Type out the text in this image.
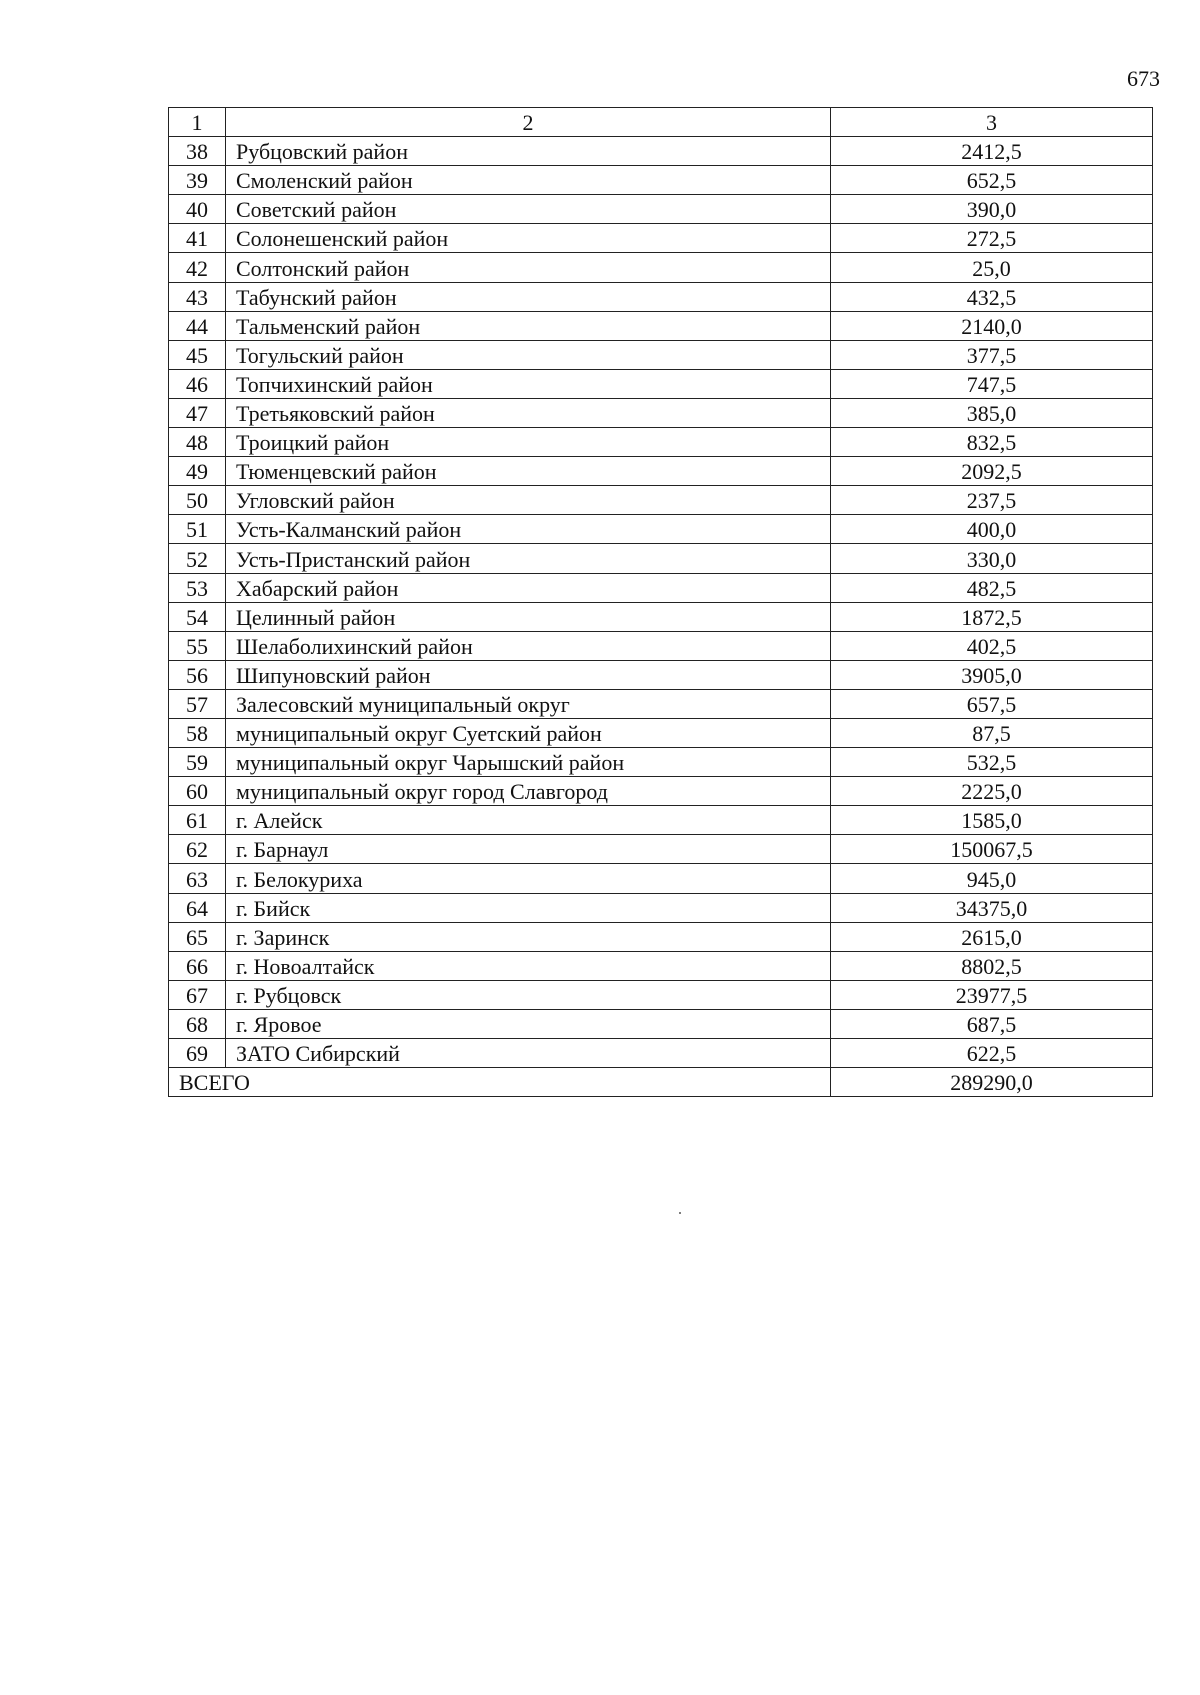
673
1	2	3
38	Рубцовский район	2412,5
39	Смоленский район	652,5
40	Советский район	390,0
41	Солонешенский район	272,5
42	Солтонский район	25,0
43	Табунский район	432,5
44	Тальменский район	2140,0
45	Тогульский район	377,5
46	Топчихинский район	747,5
47	Третьяковский район	385,0
48	Троицкий район	832,5
49	Тюменцевский район	2092,5
50	Угловский район	237,5
51	Усть-Калманский район	400,0
52	Усть-Пристанский район	330,0
53	Хабарский район	482,5
54	Целинный район	1872,5
55	Шелаболихинский район	402,5
56	Шипуновский район	3905,0
57	Залесовский муниципальный округ	657,5
58	муниципальный округ Суетский район	87,5
59	муниципальный округ Чарышский район	532,5
60	муниципальный округ город Славгород	2225,0
61	г. Алейск	1585,0
62	г. Барнаул	150067,5
63	г. Белокуриха	945,0
64	г. Бийск	34375,0
65	г. Заринск	2615,0
66	г. Новоалтайск	8802,5
67	г. Рубцовск	23977,5
68	г. Яровое	687,5
69	ЗАТО Сибирский	622,5
ВСЕГО		289290,0
